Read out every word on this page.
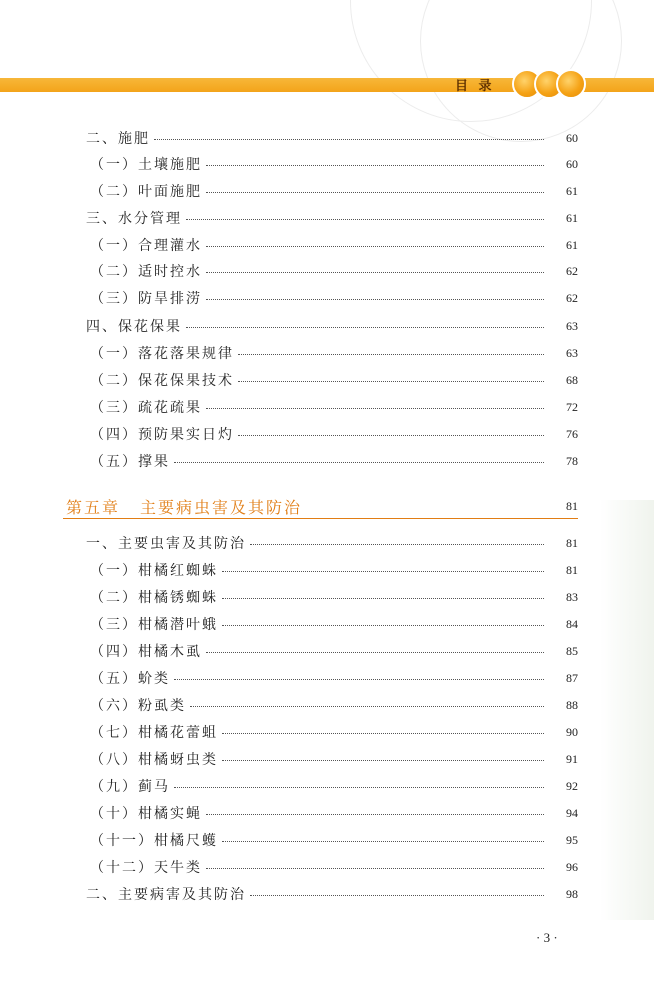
目 录
二、施肥	60
（一）土壤施肥	60
（二）叶面施肥	61
三、水分管理	61
（一）合理灌水	61
（二）适时控水	62
（三）防旱排涝	62
四、保花保果	63
（一）落花落果规律	63
（二）保花保果技术	68
（三）疏花疏果	72
（四）预防果实日灼	76
（五）撑果	78
第五章 主要病虫害及其防治	81
一、主要虫害及其防治	81
（一）柑橘红蜘蛛	81
（二）柑橘锈蜘蛛	83
（三）柑橘潜叶蛾	84
（四）柑橘木虱	85
（五）蚧类	87
（六）粉虱类	88
（七）柑橘花蕾蛆	90
（八）柑橘蚜虫类	91
（九）蓟马	92
（十）柑橘实蝇	94
（十一）柑橘尺蠖	95
（十二）天牛类	96
二、主要病害及其防治	98
· 3 ·
